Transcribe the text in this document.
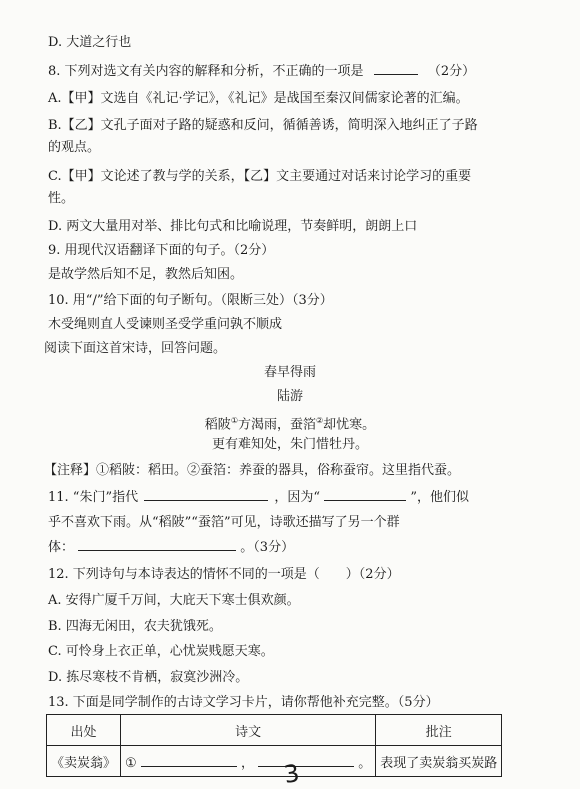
D. 大道之行也
8. 下列对选文有关内容的解释和分析，不正确的一项是	（2分）
A.【甲】文选自《礼记·学记》，《礼记》是战国至秦汉间儒家论著的汇编。
B.【乙】文孔子面对子路的疑惑和反问，循循善诱，简明深入地纠正了子路
的观点。
C.【甲】文论述了教与学的关系，【乙】文主要通过对话来讨论学习的重要
性。
D. 两文大量用对举、排比句式和比喻说理，节奏鲜明，朗朗上口
9. 用现代汉语翻译下面的句子。（2分）
是故学然后知不足，教然后知困。
10. 用“/”给下面的句子断句。（限断三处）（3分）
木受绳则直人受谏则圣受学重问孰不顺成
阅读下面这首宋诗，回答问题。
春早得雨
陆游
稻陂①方渴雨，蚕箔②却忧寒。
更有难知处，朱门惜牡丹。
【注释】①稻陂：稻田。②蚕箔：养蚕的器具，俗称蚕帘。这里指代蚕。
11. “朱门”指代	，因为“	”，他们似
乎不喜欢下雨。从“稻陂”“蚕箔”可见，诗歌还描写了另一个群
体：	。（3分）
12. 下列诗句与本诗表达的情怀不同的一项是（　　）（2分）
A. 安得广厦千万间，大庇天下寒士俱欢颜。
B. 四海无闲田，农夫犹饿死。
C. 可怜身上衣正单，心忧炭贱愿天寒。
D. 拣尽寒枝不肯栖，寂寞沙洲冷。
13. 下面是同学制作的古诗文学习卡片，请你帮他补充完整。（5分）
出处	诗文	批注
《卖炭翁》	① ， 。	表现了卖炭翁买炭路
3
